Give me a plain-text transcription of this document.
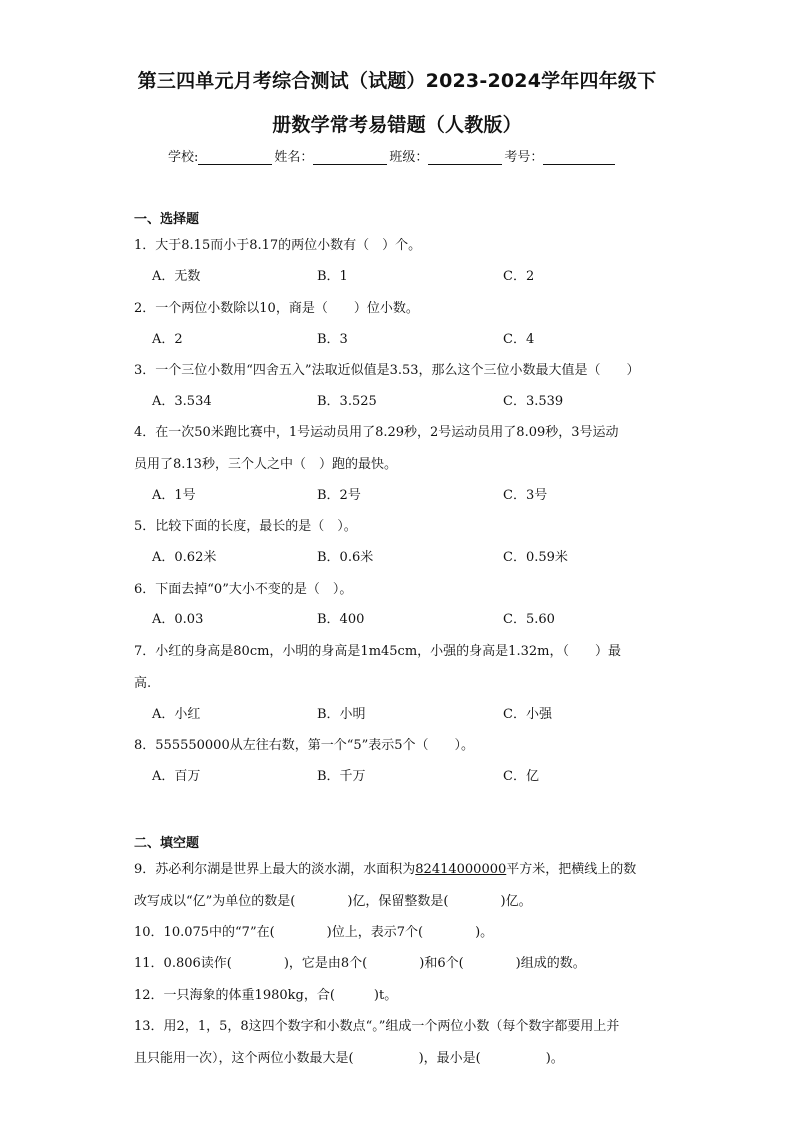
第三四单元月考综合测试（试题）2023-2024学年四年级下
册数学常考易错题（人教版）
学校:	姓名：	班级：	考号：
一、选择题
1．大于8.15而小于8.17的两位小数有（　）个。
A．无数	B．1	C．2
2．一个两位小数除以10，商是（　　）位小数。
A．2	B．3	C．4
3．一个三位小数用“四舍五入”法取近似值是3.53，那么这个三位小数最大值是（　　）
A．3.534	B．3.525	C．3.539
4．在一次50米跑比赛中，1号运动员用了8.29秒，2号运动员用了8.09秒，3号运动
员用了8.13秒，三个人之中（　）跑的最快。
A．1号	B．2号	C．3号
5．比较下面的长度，最长的是（　）。
A．0.62米	B．0.6米	C．0.59米
6．下面去掉“0”大小不变的是（　）。
A．0.03	B．400	C．5.60
7．小红的身高是80cm，小明的身高是1m45cm，小强的身高是1.32m，（　　）最
高.
A．小红	B．小明	C．小强
8．555550000从左往右数，第一个“5”表示5个（　　）。
A．百万	B．千万	C．亿
二、填空题
9．苏必利尔湖是世界上最大的淡水湖，水面积为82414000000平方米，把横线上的数
改写成以“亿”为单位的数是(　　　　)亿，保留整数是(　　　　)亿。
10．10.075中的“7”在(　　　　)位上，表示7个(　　　　)。
11．0.806读作(　　　　)，它是由8个(　　　　)和6个(　　　　)组成的数。
12．一只海象的体重1980kg，合(　　　)t。
13．用2，1，5，8这四个数字和小数点“。”组成一个两位小数（每个数字都要用上并
且只能用一次），这个两位小数最大是(　　　　　)，最小是(　　　　　)。
